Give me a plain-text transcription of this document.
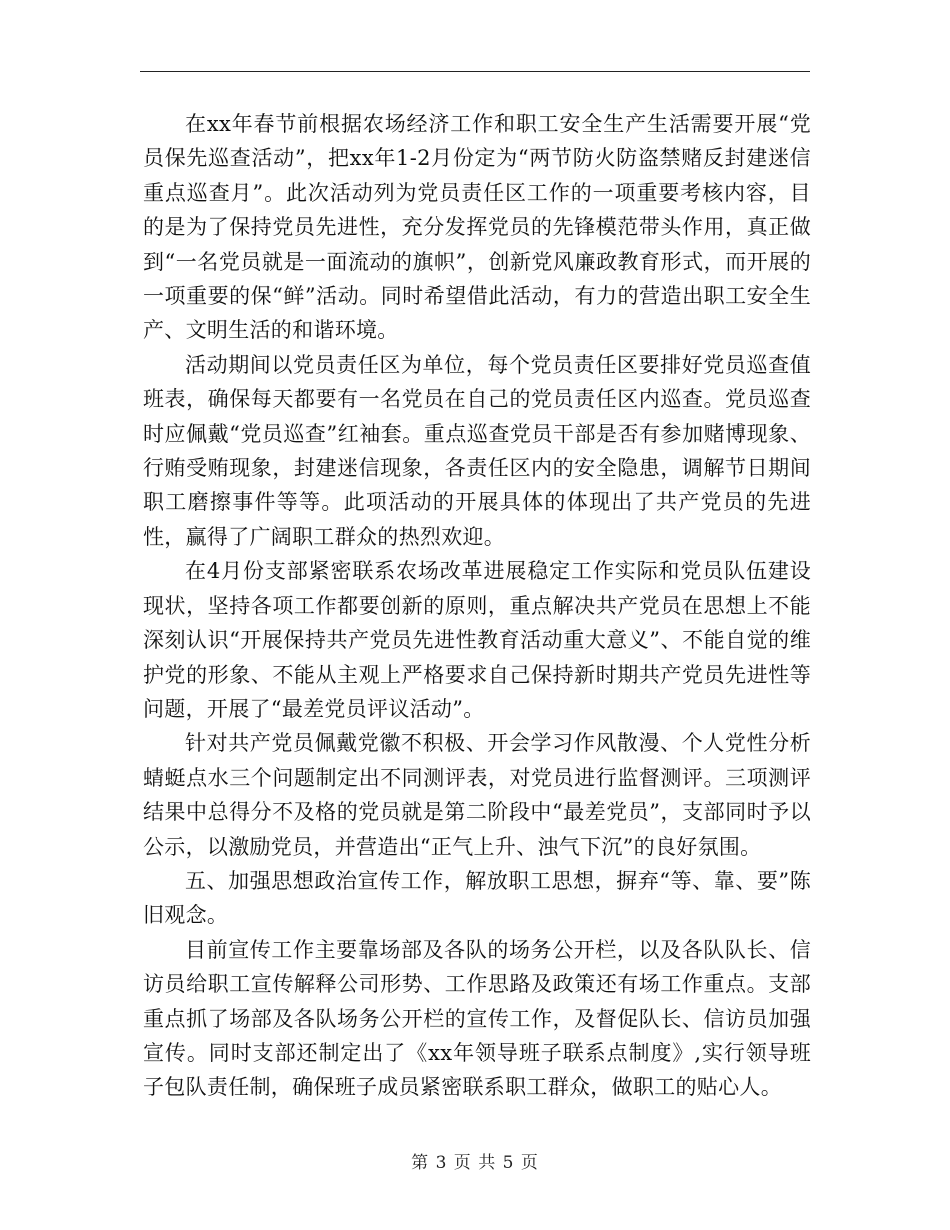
在xx年春节前根据农场经济工作和职工安全生产生活需要开展“党员保先巡查活动”，把xx年1-2月份定为“两节防火防盗禁赌反封建迷信重点巡查月”。此次活动列为党员责任区工作的一项重要考核内容，目的是为了保持党员先进性，充分发挥党员的先锋模范带头作用，真正做到“一名党员就是一面流动的旗帜”，创新党风廉政教育形式，而开展的一项重要的保“鲜”活动。同时希望借此活动，有力的营造出职工安全生产、文明生活的和谐环境。

活动期间以党员责任区为单位，每个党员责任区要排好党员巡查值班表，确保每天都要有一名党员在自己的党员责任区内巡查。党员巡查时应佩戴“党员巡查”红袖套。重点巡查党员干部是否有参加赌博现象、行贿受贿现象，封建迷信现象，各责任区内的安全隐患，调解节日期间职工磨擦事件等等。此项活动的开展具体的体现出了共产党员的先进性，赢得了广阔职工群众的热烈欢迎。

在4月份支部紧密联系农场改革进展稳定工作实际和党员队伍建设现状，坚持各项工作都要创新的原则，重点解决共产党员在思想上不能深刻认识“开展保持共产党员先进性教育活动重大意义”、不能自觉的维护党的形象、不能从主观上严格要求自己保持新时期共产党员先进性等问题，开展了“最差党员评议活动”。

针对共产党员佩戴党徽不积极、开会学习作风散漫、个人党性分析蜻蜓点水三个问题制定出不同测评表，对党员进行监督测评。三项测评结果中总得分不及格的党员就是第二阶段中“最差党员”，支部同时予以公示，以激励党员，并营造出“正气上升、浊气下沉”的良好氛围。

五、加强思想政治宣传工作，解放职工思想，摒弃“等、靠、要”陈旧观念。

目前宣传工作主要靠场部及各队的场务公开栏，以及各队队长、信访员给职工宣传解释公司形势、工作思路及政策还有场工作重点。支部重点抓了场部及各队场务公开栏的宣传工作，及督促队长、信访员加强宣传。同时支部还制定出了《xx年领导班子联系点制度》,实行领导班子包队责任制，确保班子成员紧密联系职工群众，做职工的贴心人。

第 3 页 共 5 页
